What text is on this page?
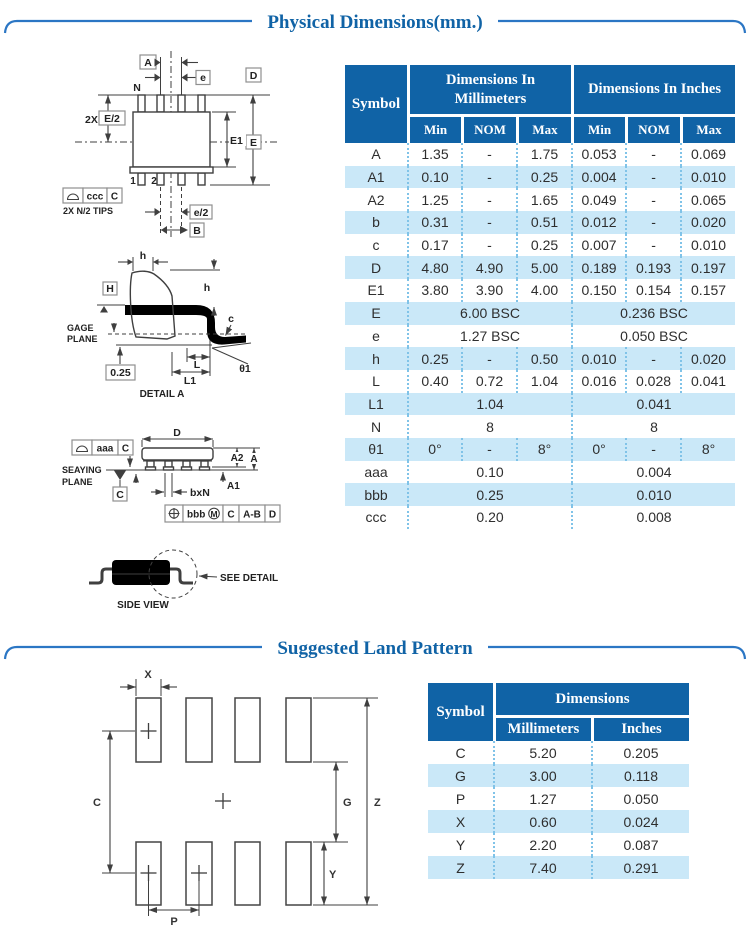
Physical Dimensions(mm.)
A
e	D
E
E1
2X E/2
N
1 2
ccc C
2X N/2 TIPS	e/2
B
h
h
H
GAGE
PLANE
0.25
c
θ1
L
L1
DETAIL A
aaa C
C
SEAYING
PLANE
D
A2 A
A1
bxN
bbb M C A-B D
SEE DETAIL
SIDE VIEW
Symbol	Dimensions In Millimeters			Dimensions In Inches		
	Min	NOM	Max	Min	NOM	Max
A	1.35	-	1.75	0.053	-	0.069
A1	0.10	-	0.25	0.004	-	0.010
A2	1.25	-	1.65	0.049	-	0.065
b	0.31	-	0.51	0.012	-	0.020
c	0.17	-	0.25	0.007	-	0.010
D	4.80	4.90	5.00	0.189	0.193	0.197
E1	3.80	3.90	4.00	0.150	0.154	0.157
E	6.00 BSC			0.236 BSC		
e	1.27 BSC			0.050 BSC		
h	0.25	-	0.50	0.010	-	0.020
L	0.40	0.72	1.04	0.016	0.028	0.041
L1	1.04			0.041		
N	8			8		
θ1	0°	-	8°	0°	-	8°
aaa	0.10			0.004		
bbb	0.25			0.010		
ccc	0.20			0.008		
Suggested Land Pattern
X
C	G Z
Y
P
Symbol	Dimensions	
	Millimeters	Inches
C	5.20	0.205
G	3.00	0.118
P	1.27	0.050
X	0.60	0.024
Y	2.20	0.087
Z	7.40	0.291
